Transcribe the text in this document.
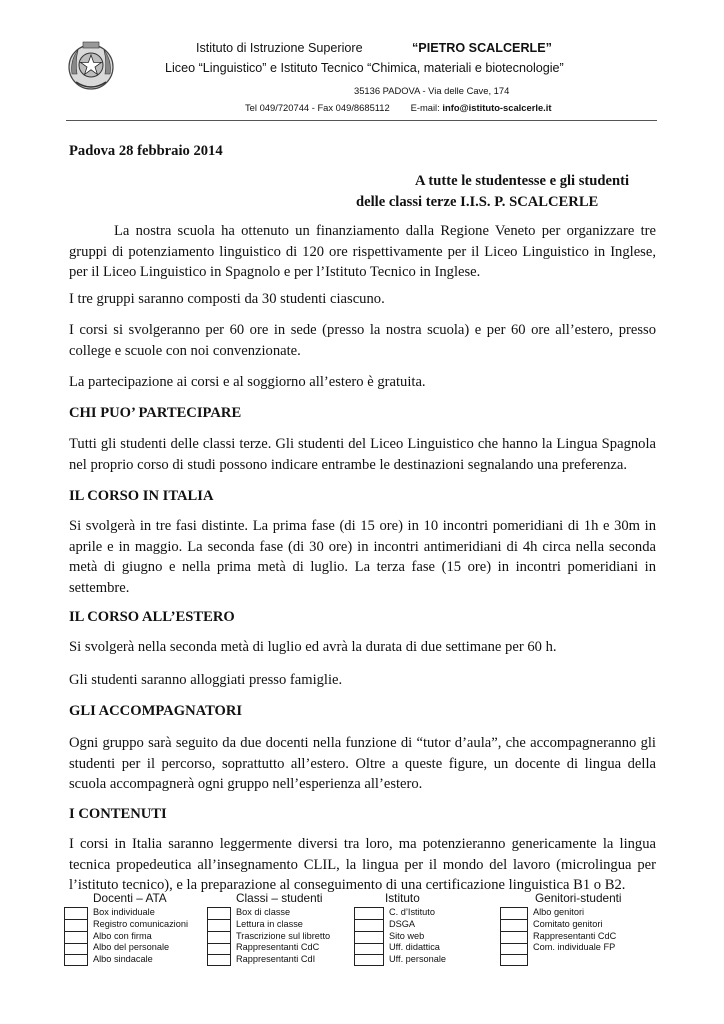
Istituto di Istruzione Superiore	“PIETRO SCALCERLE”
Liceo “Linguistico” e Istituto Tecnico “Chimica, materiali e biotecnologie”
35136 PADOVA - Via delle Cave, 174
Tel 049/720744 - Fax 049/8685112 E-mail: info@istituto-scalcerle.it
Padova 28 febbraio 2014
A tutte le studentesse e gli studenti
delle classi terze I.I.S. P. SCALCERLE
La nostra scuola ha ottenuto un finanziamento dalla Regione Veneto per organizzare tre gruppi di potenziamento linguistico di 120 ore rispettivamente per il Liceo Linguistico in Inglese, per il Liceo Linguistico in Spagnolo e per l’Istituto Tecnico in Inglese.
I tre gruppi saranno composti da 30 studenti ciascuno.
I corsi si svolgeranno per 60 ore in sede (presso la nostra scuola) e per 60 ore all’estero, presso college e scuole con noi convenzionate.
La partecipazione ai corsi e al soggiorno all’estero è gratuita.
CHI PUO’ PARTECIPARE
Tutti gli studenti delle classi terze. Gli studenti del Liceo Linguistico che hanno la Lingua Spagnola nel proprio corso di studi possono indicare entrambe le destinazioni segnalando una preferenza.
IL CORSO IN ITALIA
Si svolgerà in tre fasi distinte. La prima fase (di 15 ore) in 10 incontri pomeridiani di 1h e 30m in aprile e in maggio. La seconda fase (di 30 ore) in incontri antimeridiani di 4h circa nella seconda metà di giugno e nella prima metà di luglio. La terza fase (15 ore) in incontri pomeridiani in settembre.
IL CORSO ALL’ESTERO
Si svolgerà nella seconda metà di luglio ed avrà la durata di due settimane per 60 h.
Gli studenti saranno alloggiati presso famiglie.
GLI ACCOMPAGNATORI
Ogni gruppo sarà seguito da due docenti nella funzione di “tutor d’aula”, che accompagneranno gli studenti per il percorso, soprattutto all’estero. Oltre a queste figure, un docente di lingua della scuola accompagnerà ogni gruppo nell’esperienza all’estero.
I CONTENUTI
I corsi in Italia saranno leggermente diversi tra loro, ma potenzieranno genericamente la lingua tecnica propedeutica all’insegnamento CLIL, la lingua per il mondo del lavoro (microlingua per l’istituto tecnico), e la preparazione al conseguimento di una certificazione linguistica B1 o B2.
Docenti – ATA
Box individuale
Registro comunicazioni
Albo con firma
Albo del personale
Albo sindacale
Classi – studenti
Box di classe
Lettura in classe
Trascrizione sul libretto
Rappresentanti CdC
Rappresentanti CdI
Istituto
C. d’Istituto
DSGA
Sito web
Uff. didattica
Uff. personale
Genitori-studenti
Albo genitori
Comitato genitori
Rappresentanti CdC
Com. individuale FP
